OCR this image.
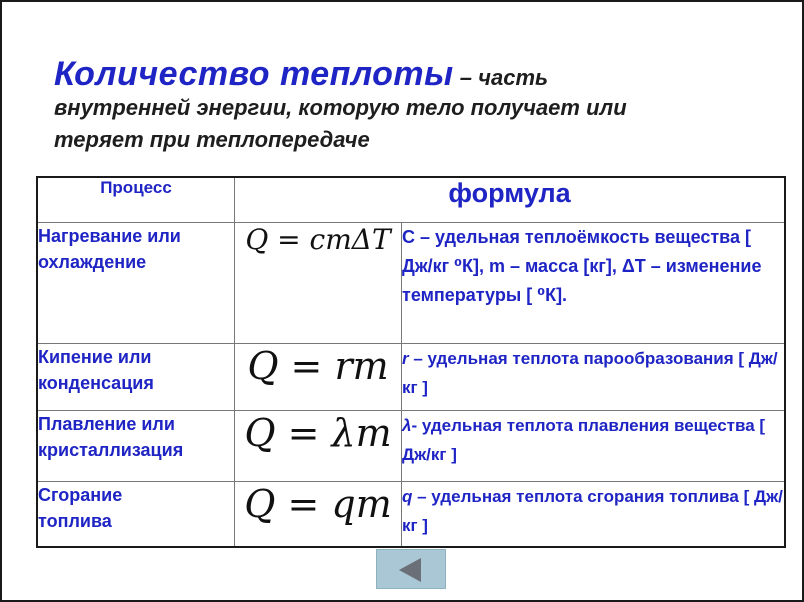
Количество теплоты – часть
внутренней энергии, которую тело получает или
теряет при теплопередаче
Процесс	формула	
Нагревание или
охлаждение	Q = cmΔT	С – удельная теплоёмкость вещества [ Дж/кг ⁰К], m – масса [кг], ΔT – изменение температуры [ ⁰К].
Кипение или
конденсация	Q = rm	r – удельная теплота парообразования [ Дж/кг ]
Плавление или
кристаллизация	Q = λm	λ- удельная теплота плавления вещества [ Дж/кг ]
Сгорание
топлива	Q = qm	q – удельная теплота сгорания топлива [ Дж/кг ]
